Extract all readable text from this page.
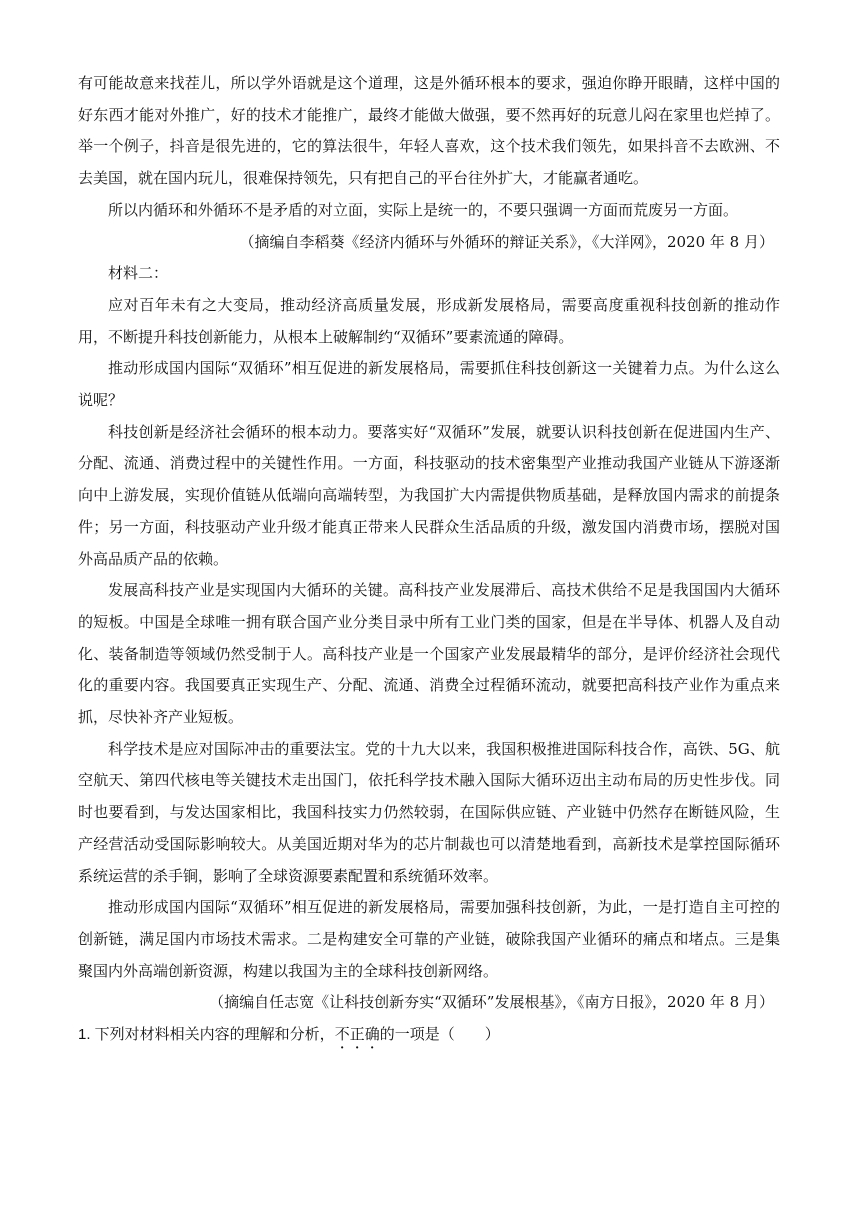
有可能故意来找茬儿，所以学外语就是这个道理，这是外循环根本的要求，强迫你睁开眼睛，这样中国的好东西才能对外推广，好的技术才能推广，最终才能做大做强，要不然再好的玩意儿闷在家里也烂掉了。举一个例子，抖音是很先进的，它的算法很牛，年轻人喜欢，这个技术我们领先，如果抖音不去欧洲、不去美国，就在国内玩儿，很难保持领先，只有把自己的平台往外扩大，才能赢者通吃。

所以内循环和外循环不是矛盾的对立面，实际上是统一的，不要只强调一方面而荒废另一方面。

（摘编自李稻葵《经济内循环与外循环的辩证关系》，《大洋网》，2020 年 8 月）

材料二：

应对百年未有之大变局，推动经济高质量发展，形成新发展格局，需要高度重视科技创新的推动作用，不断提升科技创新能力，从根本上破解制约“双循环”要素流通的障碍。

推动形成国内国际“双循环”相互促进的新发展格局，需要抓住科技创新这一关键着力点。为什么这么说呢？

科技创新是经济社会循环的根本动力。要落实好“双循环”发展，就要认识科技创新在促进国内生产、分配、流通、消费过程中的关键性作用。一方面，科技驱动的技术密集型产业推动我国产业链从下游逐渐向中上游发展，实现价值链从低端向高端转型，为我国扩大内需提供物质基础，是释放国内需求的前提条件；另一方面，科技驱动产业升级才能真正带来人民群众生活品质的升级，激发国内消费市场，摆脱对国外高品质产品的依赖。

发展高科技产业是实现国内大循环的关键。高科技产业发展滞后、高技术供给不足是我国国内大循环的短板。中国是全球唯一拥有联合国产业分类目录中所有工业门类的国家，但是在半导体、机器人及自动化、装备制造等领域仍然受制于人。高科技产业是一个国家产业发展最精华的部分，是评价经济社会现代化的重要内容。我国要真正实现生产、分配、流通、消费全过程循环流动，就要把高科技产业作为重点来抓，尽快补齐产业短板。

科学技术是应对国际冲击的重要法宝。党的十九大以来，我国积极推进国际科技合作，高铁、5G、航空航天、第四代核电等关键技术走出国门，依托科学技术融入国际大循环迈出主动布局的历史性步伐。同时也要看到，与发达国家相比，我国科技实力仍然较弱，在国际供应链、产业链中仍然存在断链风险，生产经营活动受国际影响较大。从美国近期对华为的芯片制裁也可以清楚地看到，高新技术是掌控国际循环系统运营的杀手锏，影响了全球资源要素配置和系统循环效率。

推动形成国内国际“双循环”相互促进的新发展格局，需要加强科技创新，为此，一是打造自主可控的创新链，满足国内市场技术需求。二是构建安全可靠的产业链，破除我国产业循环的痛点和堵点。三是集聚国内外高端创新资源，构建以我国为主的全球科技创新网络。

（摘编自任志宽《让科技创新夯实“双循环”发展根基》，《南方日报》，2020 年 8 月）

1. 下列对材料相关内容的理解和分析，不正确的一项是（　　）
